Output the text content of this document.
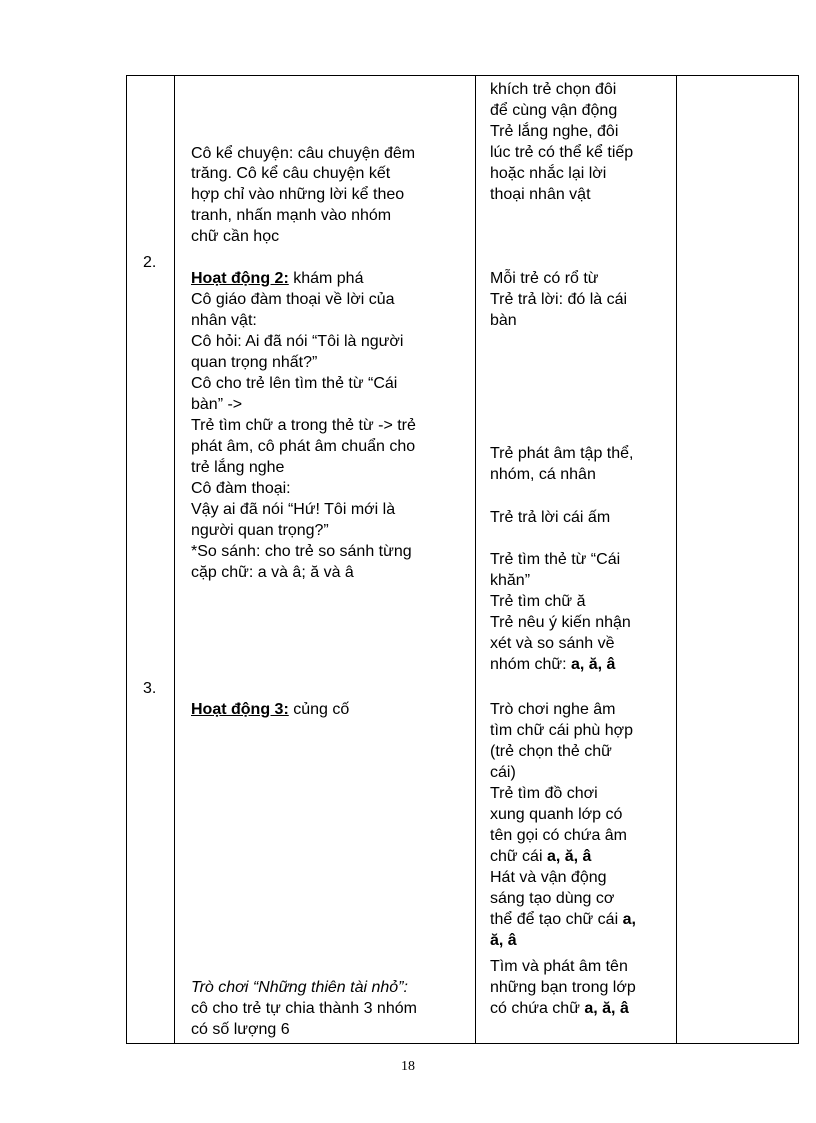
2.
3.
Cô kể chuyện: câu chuyện đêm
trăng. Cô kể câu chuyện kết
hợp chỉ vào những lời kể theo
tranh, nhấn mạnh vào nhóm
chữ cần học
Hoạt động 2: khám phá
Cô giáo đàm thoại về lời của
nhân vật:
Cô hỏi: Ai đã nói “Tôi là người
quan trọng nhất?”
Cô cho trẻ lên tìm thẻ từ “Cái
bàn” ->
Trẻ tìm chữ a trong thẻ từ -> trẻ
phát âm, cô phát âm chuẩn cho
trẻ lắng nghe
Cô đàm thoại:
Vậy ai đã nói “Hứ! Tôi mới là
người quan trọng?”
*So sánh: cho trẻ so sánh từng
cặp chữ: a và â; ă và â
Hoạt động 3: củng cố
Trò chơi “Những thiên tài nhỏ”:
cô cho trẻ tự chia thành 3 nhóm
có số lượng 6
khích trẻ chọn đôi
để cùng vận động
Trẻ lắng nghe, đôi
lúc trẻ có thể kể tiếp
hoặc nhắc lại lời
thoại nhân vật
Mỗi trẻ có rổ từ
Trẻ trả lời: đó là cái
bàn
Trẻ phát âm tập thể,
nhóm, cá nhân
Trẻ trả lời cái ấm
Trẻ tìm thẻ từ “Cái
khăn”
Trẻ tìm chữ ă
Trẻ nêu ý kiến nhận
xét và so sánh về
nhóm chữ: a, ă, â
Trò chơi nghe âm
tìm chữ cái phù hợp
(trẻ chọn thẻ chữ
cái)
Trẻ tìm đồ chơi
xung quanh lớp có
tên gọi có chứa âm
chữ cái a, ă, â
Hát và vận động
sáng tạo dùng cơ
thể để tạo chữ cái a,
ă, â
Tìm và phát âm tên
những bạn trong lớp
có chứa chữ a, ă, â
18
